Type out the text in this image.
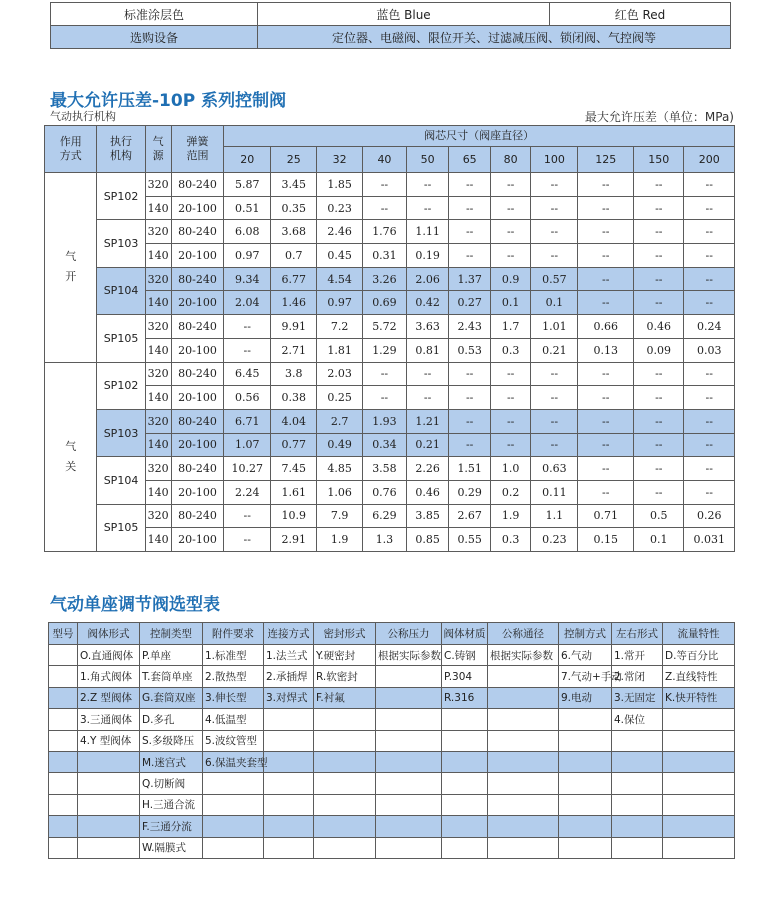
标准涂层色	蓝色 Blue	红色 Red
选购设备	定位器、电磁阀、限位开关、过滤减压阀、锁闭阀、气控阀等	
最大允许压差-10P 系列控制阀
气动执行机构	最大允许压差（单位：MPa)
作用方式	执行机构	气源	弹簧范围	阀芯尺寸（阀座直径）										
				20	25	32	40	50	65	80	100	125	150	200
气开	SP102	320	80-240	5.87	3.45	1.85	--	--	--	--	--	--	--	--
		140	20-100	0.51	0.35	0.23	--	--	--	--	--	--	--	--
	SP103	320	80-240	6.08	3.68	2.46	1.76	1.11	--	--	--	--	--	--
		140	20-100	0.97	0.7	0.45	0.31	0.19	--	--	--	--	--	--
	SP104	320	80-240	9.34	6.77	4.54	3.26	2.06	1.37	0.9	0.57	--	--	--
		140	20-100	2.04	1.46	0.97	0.69	0.42	0.27	0.1	0.1	--	--	--
	SP105	320	80-240	--	9.91	7.2	5.72	3.63	2.43	1.7	1.01	0.66	0.46	0.24
		140	20-100	--	2.71	1.81	1.29	0.81	0.53	0.3	0.21	0.13	0.09	0.03
气关	SP102	320	80-240	6.45	3.8	2.03	--	--	--	--	--	--	--	--
		140	20-100	0.56	0.38	0.25	--	--	--	--	--	--	--	--
	SP103	320	80-240	6.71	4.04	2.7	1.93	1.21	--	--	--	--	--	--
		140	20-100	1.07	0.77	0.49	0.34	0.21	--	--	--	--	--	--
	SP104	320	80-240	10.27	7.45	4.85	3.58	2.26	1.51	1.0	0.63	--	--	--
		140	20-100	2.24	1.61	1.06	0.76	0.46	0.29	0.2	0.11	--	--	--
	SP105	320	80-240	--	10.9	7.9	6.29	3.85	2.67	1.9	1.1	0.71	0.5	0.26
		140	20-100	--	2.91	1.9	1.3	0.85	0.55	0.3	0.23	0.15	0.1	0.031
气动单座调节阀选型表
型号	阀体形式	控制类型	附件要求	连接方式	密封形式	公称压力	阀体材质	公称通径	控制方式	左右形式	流量特性
	O.直通阀体	P.单座	1.标准型	1.法兰式	Y.硬密封	根据实际参数	C.铸钢	根据实际参数	6.气动	1.常开	D.等百分比
	1.角式阀体	T.套筒单座	2.散热型	2.承插焊	R.软密封		P.304		7.气动+手动	2.常闭	Z.直线特性
	2.Z 型阀体	G.套筒双座	3.伸长型	3.对焊式	F.衬氟		R.316		9.电动	3.无固定	K.快开特性
	3.三通阀体	D.多孔	4.低温型							4.保位	
	4.Y 型阀体	S.多级降压	5.波纹管型								
		M.迷宫式	6.保温夹套型								
		Q.切断阀									
		H.三通合流									
		F.三通分流									
		W.隔膜式									
